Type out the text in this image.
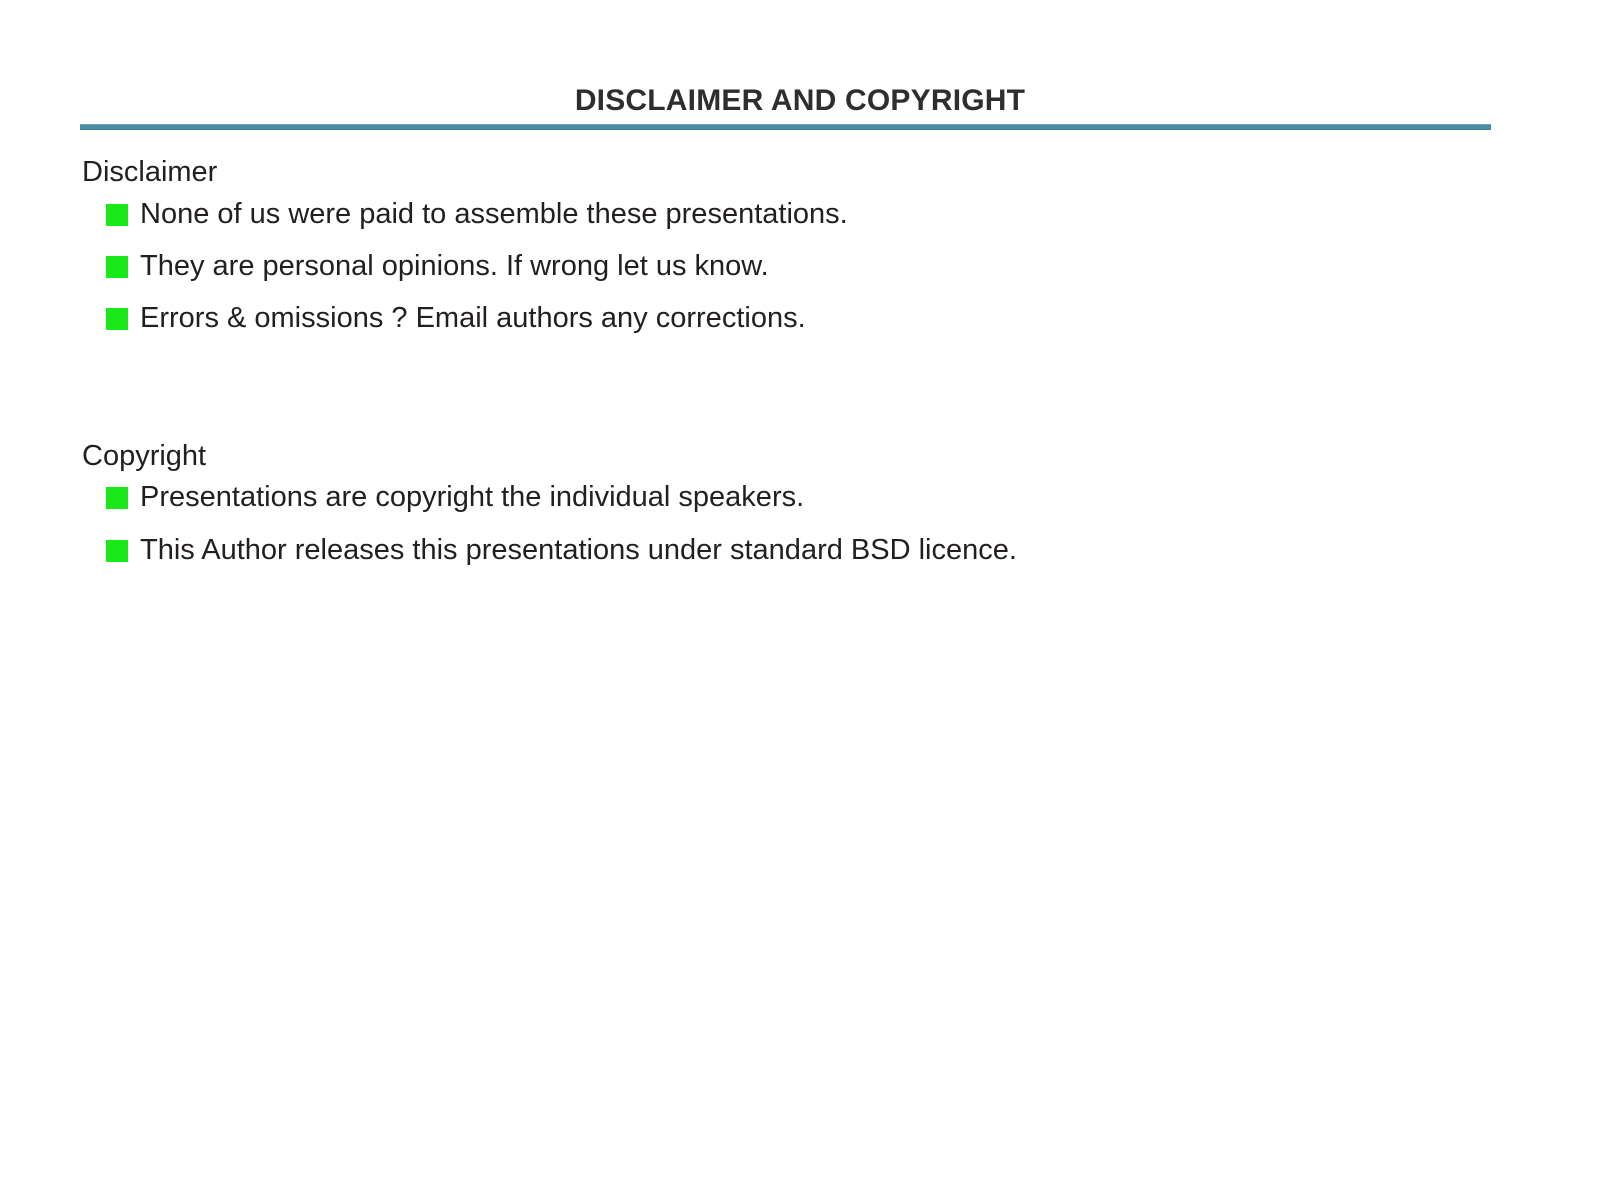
DISCLAIMER AND COPYRIGHT
Disclaimer
None of us were paid to assemble these presentations.
They are personal opinions. If wrong let us know.
Errors & omissions ? Email authors any corrections.
Copyright
Presentations are copyright the individual speakers.
This Author releases this presentations under standard BSD licence.
